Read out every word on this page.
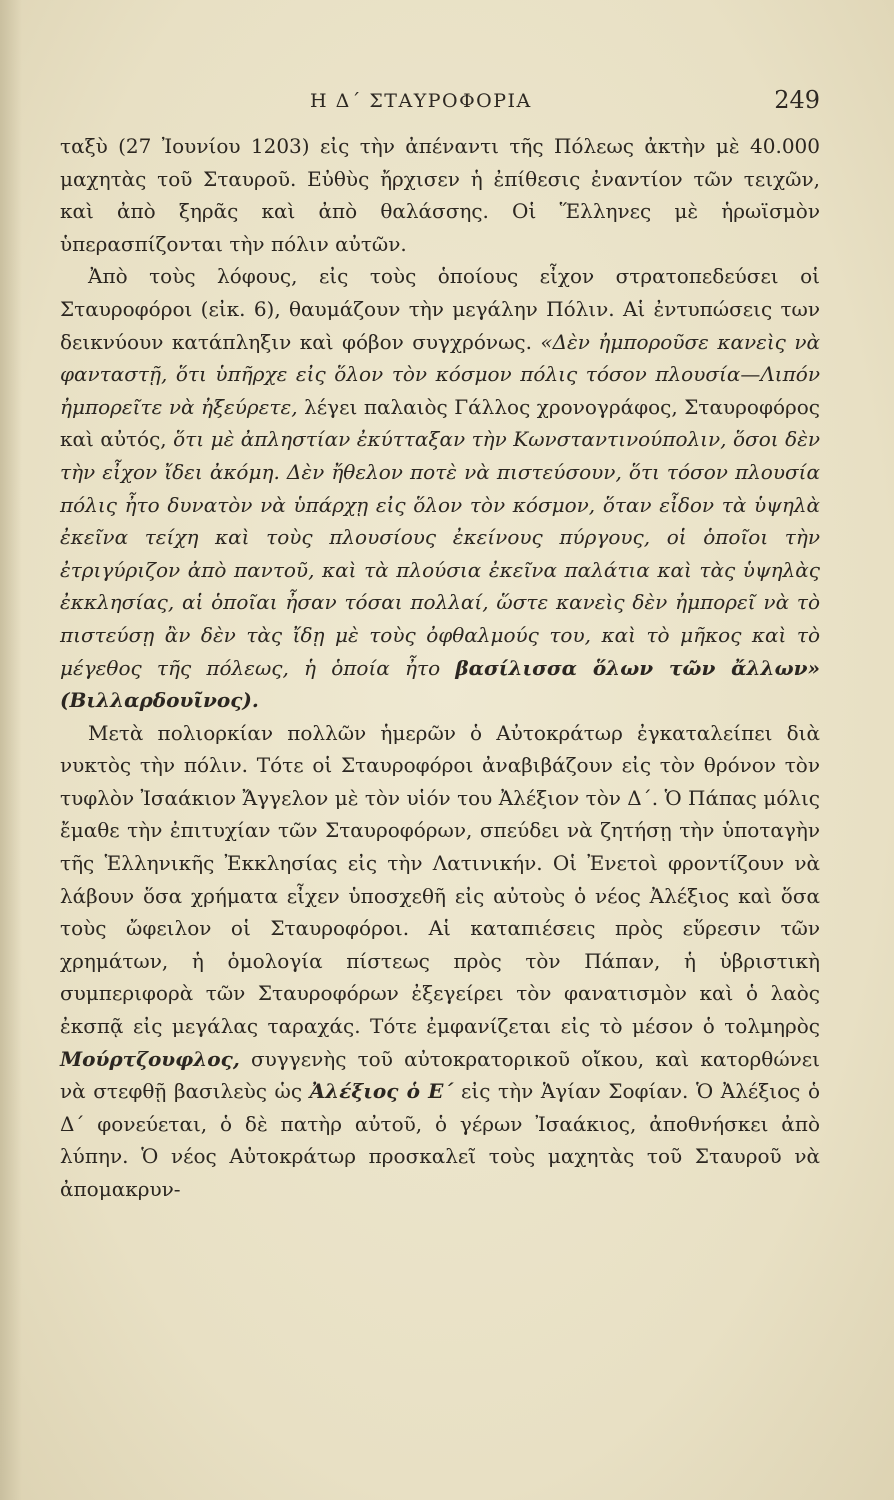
Η Δ΄ ΣΤΑΥΡΟΦΟΡΙΑ	249

ταξὺ (27 Ἰουνίου 1203) εἰς τὴν ἀπέναντι τῆς Πόλεως ἀκτὴν μὲ 40.000 μαχητὰς τοῦ Σταυροῦ. Εὐθὺς ἤρχισεν ἡ ἐπίθεσις ἐναντίον τῶν τειχῶν, καὶ ἀπὸ ξηρᾶς καὶ ἀπὸ θαλάσσης. Οἱ Ἕλληνες μὲ ἡρωϊσμὸν ὑπερασπίζονται τὴν πόλιν αὐτῶν.

Ἀπὸ τοὺς λόφους, εἰς τοὺς ὁποίους εἶχον στρατοπεδεύσει οἱ Σταυροφόροι (εἰκ. 6), θαυμάζουν τὴν μεγάλην Πόλιν. Αἱ ἐντυπώσεις των δεικνύουν κατάπληξιν καὶ φόβον συγχρόνως. «Δὲν ἠμποροῦσε κανεὶς νὰ φανταστῇ, ὅτι ὑπῆρχε εἰς ὅλον τὸν κόσμον πόλις τόσον πλουσία—Λιπόν ἠμπορεῖτε νὰ ἠξεύρετε, λέγει παλαιὸς Γάλλος χρονογράφος, Σταυροφόρος καὶ αὐτός, ὅτι μὲ ἀπληστίαν ἐκύτταξαν τὴν Κωνσταντινούπολιν, ὅσοι δὲν τὴν εἶχον ἴδει ἀκόμη. Δὲν ἤθελον ποτὲ νὰ πιστεύσουν, ὅτι τόσον πλουσία πόλις ἦτο δυνατὸν νὰ ὑπάρχῃ εἰς ὅλον τὸν κόσμον, ὅταν εἶδον τὰ ὑψηλὰ ἐκεῖνα τείχη καὶ τοὺς πλουσίους ἐκείνους πύργους, οἱ ὁποῖοι τὴν ἐτριγύριζον ἀπὸ παντοῦ, καὶ τὰ πλούσια ἐκεῖνα παλάτια καὶ τὰς ὑψηλὰς ἐκκλησίας, αἱ ὁποῖαι ἦσαν τόσαι πολλαί, ὥστε κανεὶς δὲν ἠμπορεῖ νὰ τὸ πιστεύσῃ ἂν δὲν τὰς ἴδῃ μὲ τοὺς ὀφθαλμούς του, καὶ τὸ μῆκος καὶ τὸ μέγεθος τῆς πόλεως, ἡ ὁποία ἦτο βασίλισσα ὅλων τῶν ἄλλων» (Βιλλαρδουῖνος).

Μετὰ πολιορκίαν πολλῶν ἡμερῶν ὁ Αὐτοκράτωρ ἐγκαταλείπει διὰ νυκτὸς τὴν πόλιν. Τότε οἱ Σταυροφόροι ἀναβιβάζουν εἰς τὸν θρόνον τὸν τυφλὸν Ἰσαάκιον Ἄγγελον μὲ τὸν υἱόν του Ἀλέξιον τὸν Δ΄. Ὁ Πάπας μόλις ἔμαθε τὴν ἐπιτυχίαν τῶν Σταυροφόρων, σπεύδει νὰ ζητήσῃ τὴν ὑποταγὴν τῆς Ἑλληνικῆς Ἐκκλησίας εἰς τὴν Λατινικήν. Οἱ Ἐνετοὶ φροντίζουν νὰ λάβουν ὅσα χρήματα εἶχεν ὑποσχεθῆ εἰς αὐτοὺς ὁ νέος Ἀλέξιος καὶ ὅσα τοὺς ὤφειλον οἱ Σταυροφόροι. Αἱ καταπιέσεις πρὸς εὕρεσιν τῶν χρημάτων, ἡ ὁμολογία πίστεως πρὸς τὸν Πάπαν, ἡ ὑβριστικὴ συμπεριφορὰ τῶν Σταυροφόρων ἐξεγείρει τὸν φανατισμὸν καὶ ὁ λαὸς ἐκσπᾷ εἰς μεγάλας ταραχάς. Τότε ἐμφανίζεται εἰς τὸ μέσον ὁ τολμηρὸς Μούρτζουφλος, συγγενὴς τοῦ αὐτοκρατορικοῦ οἴκου, καὶ κατορθώνει νὰ στεφθῇ βασιλεὺς ὡς Ἀλέξιος ὁ Ε΄ εἰς τὴν Ἁγίαν Σοφίαν. Ὁ Ἀλέξιος ὁ Δ΄ φονεύεται, ὁ δὲ πατὴρ αὐτοῦ, ὁ γέρων Ἰσαάκιος, ἀποθνήσκει ἀπὸ λύπην. Ὁ νέος Αὐτοκράτωρ προσκαλεῖ τοὺς μαχητὰς τοῦ Σταυροῦ νὰ ἀπομακρυν-
